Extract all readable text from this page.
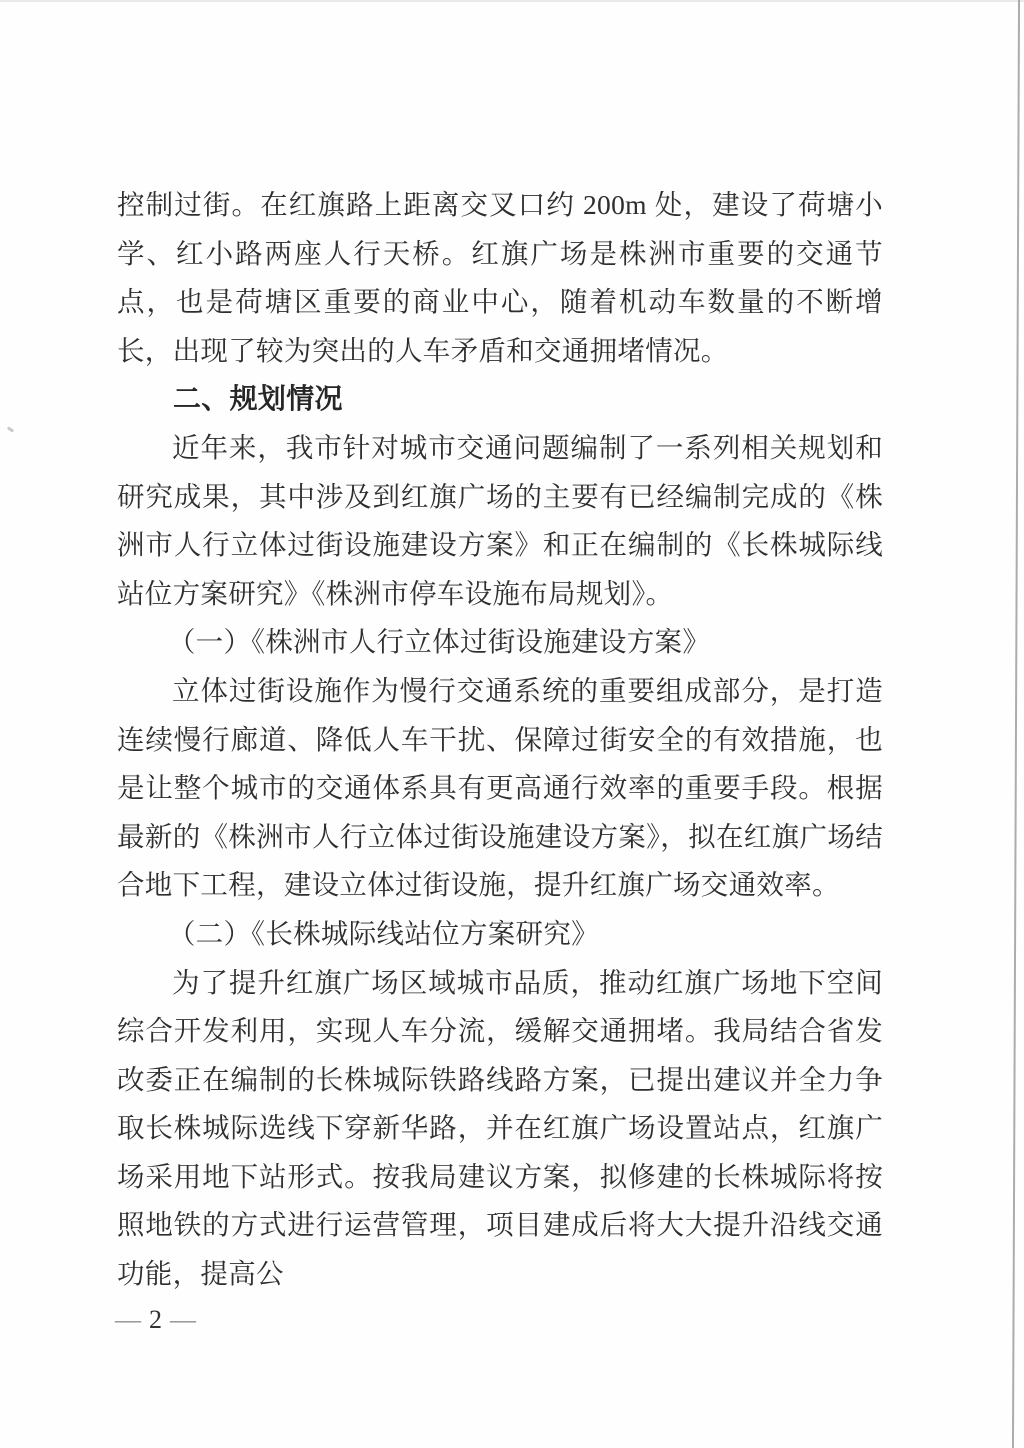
控制过街。在红旗路上距离交叉口约 200m 处，建设了荷塘小学、红小路两座人行天桥。红旗广场是株洲市重要的交通节点，也是荷塘区重要的商业中心，随着机动车数量的不断增长，出现了较为突出的人车矛盾和交通拥堵情况。

二、规划情况

近年来，我市针对城市交通问题编制了一系列相关规划和研究成果，其中涉及到红旗广场的主要有已经编制完成的《株洲市人行立体过街设施建设方案》和正在编制的《长株城际线站位方案研究》《株洲市停车设施布局规划》。

（一）《株洲市人行立体过街设施建设方案》

立体过街设施作为慢行交通系统的重要组成部分，是打造连续慢行廊道、降低人车干扰、保障过街安全的有效措施，也是让整个城市的交通体系具有更高通行效率的重要手段。根据最新的《株洲市人行立体过街设施建设方案》，拟在红旗广场结合地下工程，建设立体过街设施，提升红旗广场交通效率。

（二）《长株城际线站位方案研究》

为了提升红旗广场区域城市品质，推动红旗广场地下空间综合开发利用，实现人车分流，缓解交通拥堵。我局结合省发改委正在编制的长株城际铁路线路方案，已提出建议并全力争取长株城际选线下穿新华路，并在红旗广场设置站点，红旗广场采用地下站形式。按我局建议方案，拟修建的长株城际将按照地铁的方式进行运营管理，项目建成后将大大提升沿线交通功能，提高公

— 2 —
